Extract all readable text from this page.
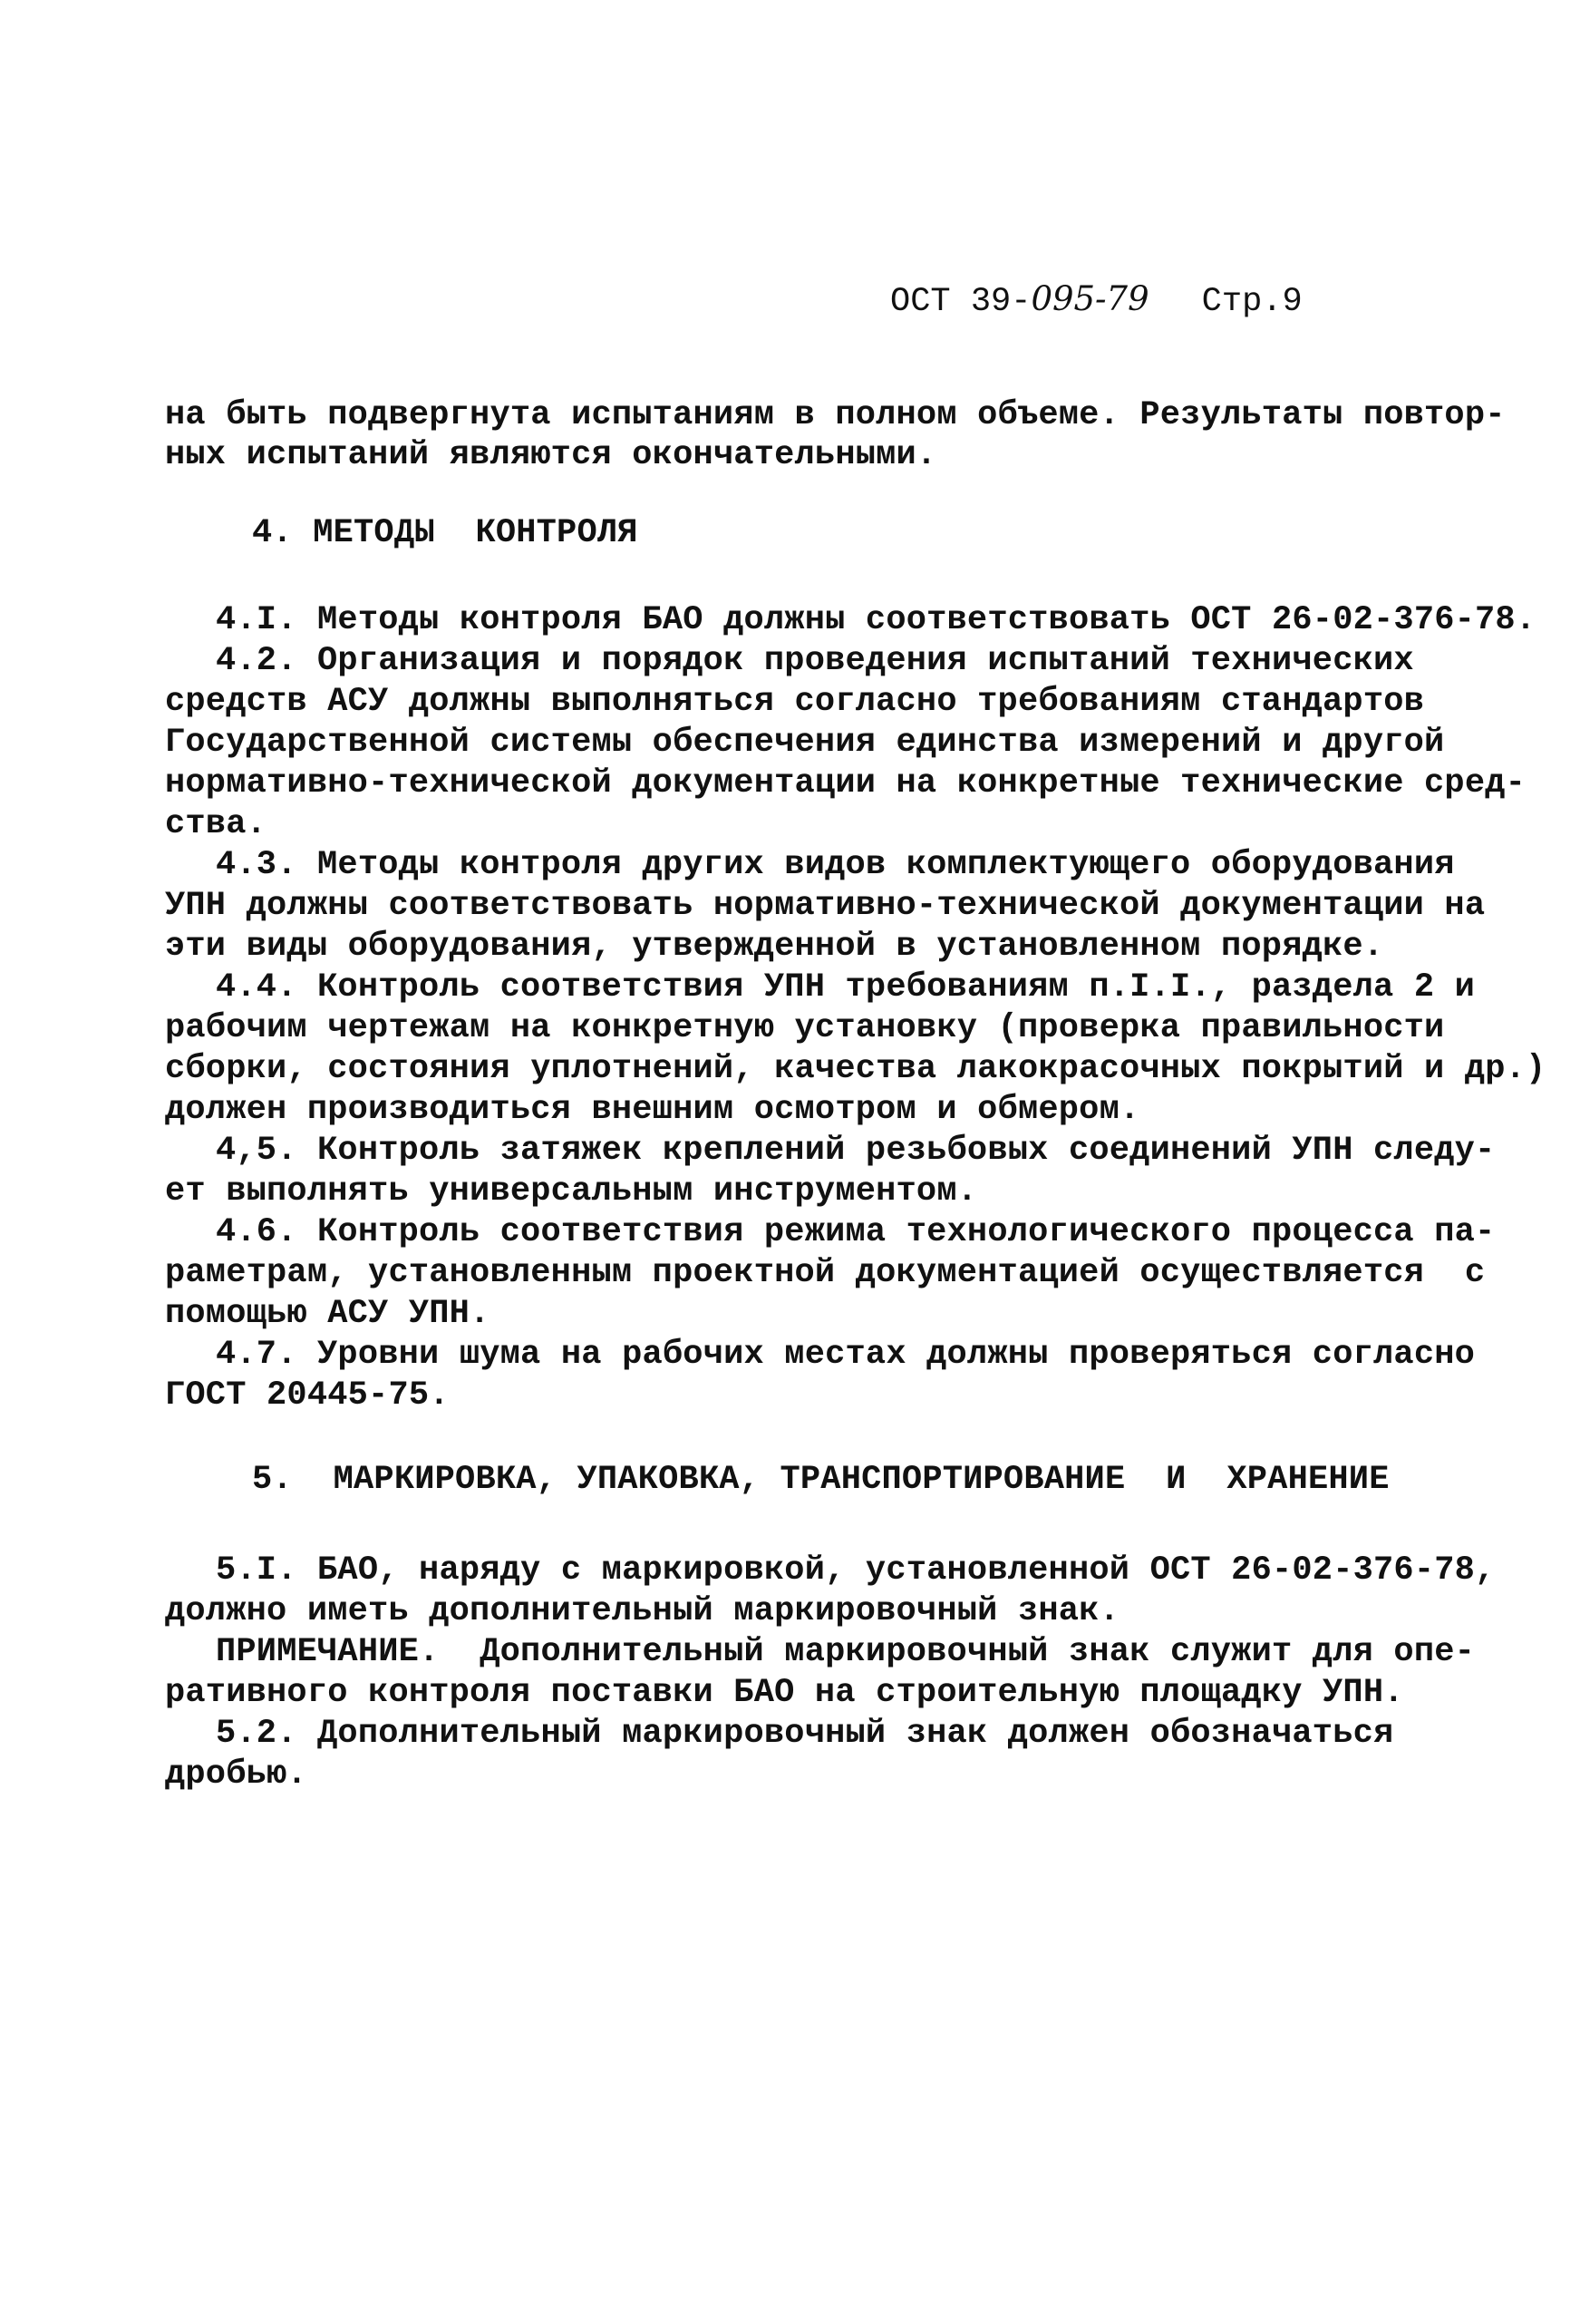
ОСТ 39-095-79 Стр.9
на быть подвергнута испытаниям в полном объеме. Результаты повтор-
ных испытаний являются окончательными.
4. МЕТОДЫ  КОНТРОЛЯ
4.I. Методы контроля БАО должны соответствовать ОСТ 26-02-376-78.
4.2. Организация и порядок проведения испытаний технических
средств АСУ должны выполняться согласно требованиям стандартов
Государственной системы обеспечения единства измерений и другой
нормативно-технической документации на конкретные технические сред-
ства.
4.3. Методы контроля других видов комплектующего оборудования
УПН должны соответствовать нормативно-технической документации на
эти виды оборудования, утвержденной в установленном порядке.
4.4. Контроль соответствия УПН требованиям п.I.I., раздела 2 и
рабочим чертежам на конкретную установку (проверка правильности
сборки, состояния уплотнений, качества лакокрасочных покрытий и др.)
должен производиться внешним осмотром и обмером.
4,5. Контроль затяжек креплений резьбовых соединений УПН следу-
ет выполнять универсальным инструментом.
4.6. Контроль соответствия режима технологического процесса па-
раметрам, установленным проектной документацией осуществляется  с
помощью АСУ УПН.
4.7. Уровни шума на рабочих местах должны проверяться согласно
ГОСТ 20445-75.
5.  МАРКИРОВКА, УПАКОВКА, ТРАНСПОРТИРОВАНИЕ  И  ХРАНЕНИЕ
5.I. БАО, наряду с маркировкой, установленной ОСТ 26-02-376-78,
должно иметь дополнительный маркировочный знак.
ПРИМЕЧАНИЕ.  Дополнительный маркировочный знак служит для опе-
ративного контроля поставки БАО на строительную площадку УПН.
5.2. Дополнительный маркировочный знак должен обозначаться
дробью.
